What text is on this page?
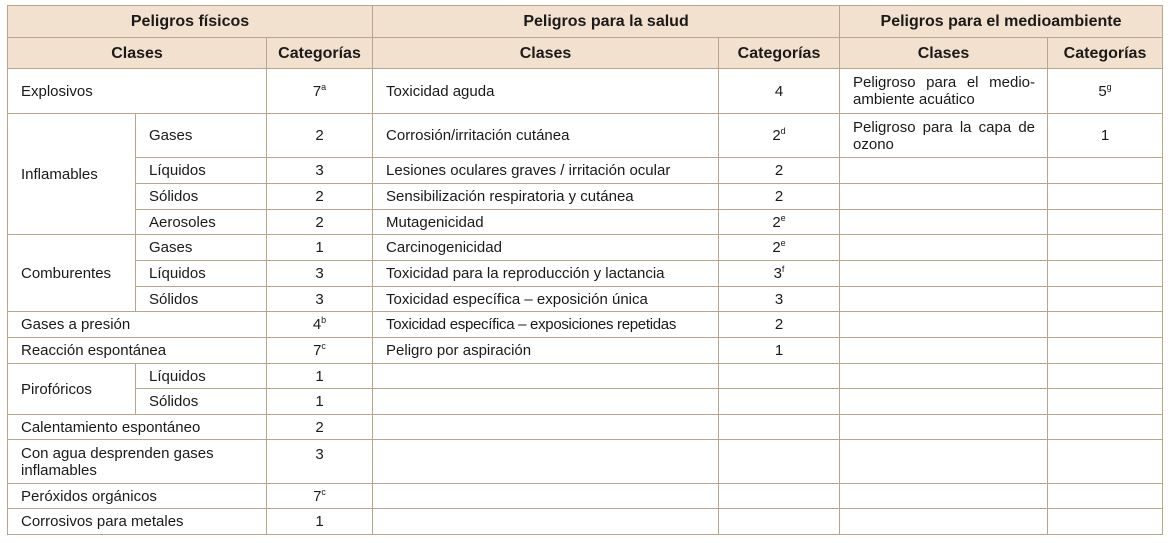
Peligros físicos			Peligros para la salud		Peligros para el medioambiente	
Clases		Categorías	Clases	Categorías	Clases	Categorías
Explosivos		7$^a$	Toxicidad aguda	4	Peligroso para el medio-ambiente acuático	5$^g$
Inflamables	Gases	2	Corrosión/irritación cutánea	2$^d$	Peligroso para la capa de ozono	1
	Líquidos	3	Lesiones oculares graves / irritación ocular	2		
	Sólidos	2	Sensibilización respiratoria y cutánea	2		
	Aerosoles	2	Mutagenicidad	2e		
Comburentes	Gases	1	Carcinogenicidad	2e		
	Líquidos	3	Toxicidad para la reproducción y lactancia	3$^f$		
	Sólidos	3	Toxicidad específica – exposición única	3		
Gases a presión		4$^b$	Toxicidad específica – exposiciones repetidas	2		
Reacción espontánea		7$^c$	Peligro por aspiración	1		
Pirofóricos	Líquidos	1				
	Sólidos	1				
Calentamiento espontáneo		2				
Con agua desprenden gases inflamables		3				
Peróxidos orgánicos		7$^c$				
Corrosivos para metales		1				
